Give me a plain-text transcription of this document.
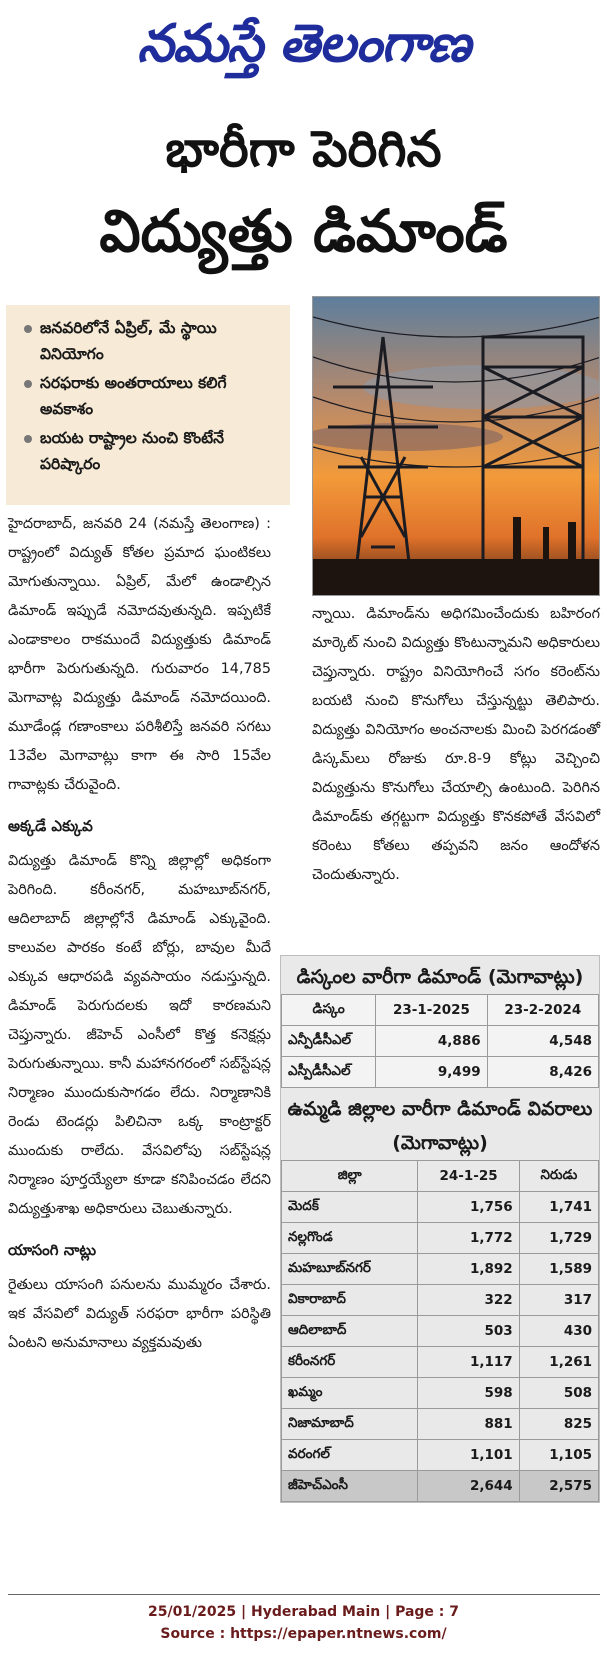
నమస్తే తెలంగాణ
భారీగా పెరిగిన
విద్యుత్తు డిమాండ్
జనవరిలోనే ఏప్రిల్, మే స్థాయి వినియోగం
సరఫరాకు అంతరాయాలు కలిగే అవకాశం
బయట రాష్ట్రాల నుంచి కొంటేనే పరిష్కారం

హైదరాబాద్, జనవరి 24 (నమస్తే తెలంగాణ) : రాష్ట్రంలో విద్యుత్ కోతల ప్రమాద ఘంటికలు మోగుతున్నాయి. ఏప్రిల్, మేలో ఉండాల్సిన డిమాండ్ ఇప్పుడే నమోదవుతున్నది. ఇప్పటికే ఎండాకాలం రాకముందే విద్యుత్తుకు డిమాండ్ భారీగా పెరుగుతున్నది. గురువారం 14,785 మెగావాట్ల విద్యుత్తు డిమాండ్ నమోదయింది. మూడేండ్ల గణాంకాలు పరిశీలిస్తే జనవరి సగటు 13వేల మెగావాట్లు కాగా ఈ సారి 15వేల గావాట్లకు చేరువైంది.

అక్కడే ఎక్కువ

విద్యుత్తు డిమాండ్ కొన్ని జిల్లాల్లో అధికంగా పెరిగింది. కరీంనగర్, మహబూబ్‌నగర్, ఆదిలాబాద్ జిల్లాల్లోనే డిమాండ్ ఎక్కువైంది. కాలువల పారకం కంటే బోర్లు, బావుల మీదే ఎక్కువ ఆధారపడి వ్యవసాయం నడుస్తున్నది. డిమాండ్ పెరుగుదలకు ఇదో కారణమని చెప్తున్నారు. జీహెచ్ ఎంసీలో కొత్త కనెక్షన్లు పెరుగుతున్నాయి. కానీ మహానగరంలో సబ్‌స్టేషన్ల నిర్మాణం ముందుకుసాగడం లేదు. నిర్మాణానికి రెండు టెండర్లు పిలిచినా ఒక్క కాంట్రాక్టర్ ముందుకు రాలేదు. వేసవిలోపు సబ్‌స్టేషన్ల నిర్మాణం పూర్తయ్యేలా కూడా కనిపించడం లేదని విద్యుత్తుశాఖ అధికారులు చెబుతున్నారు.

యాసంగి నాట్లు

రైతులు యాసంగి పనులను ముమ్మరం చేశారు. ఇక వేసవిలో విద్యుత్ సరఫరా భారీగా పరిస్థితి ఏంటని అనుమానాలు వ్యక్తమవుతు

న్నాయి. డిమాండ్‌ను అధిగమించేందుకు బహిరంగ మార్కెట్ నుంచి విద్యుత్తు కొంటున్నామని అధికారులు చెప్తున్నారు. రాష్ట్రం వినియోగించే సగం కరెంట్‌ను బయటి నుంచి కొనుగోలు చేస్తున్నట్టు తెలిపారు. విద్యుత్తు వినియోగం అంచనాలకు మించి పెరగడంతో డిస్కమ్‌లు రోజుకు రూ.8-9 కోట్లు వెచ్చించి విద్యుత్తును కొనుగోలు చేయాల్సి ఉంటుంది. పెరిగిన డిమాండ్‌కు తగ్గట్టుగా విద్యుత్తు కొనకపోతే వేసవిలో కరెంటు కోతలు తప్పవని జనం ఆందోళన చెందుతున్నారు.

డిస్కంల వారీగా డిమాండ్ (మెగావాట్లు)
డిస్కం	23-1-2025	23-2-2024
ఎన్పీడీసీఎల్	4,886	4,548
ఎస్పీడీసీఎల్	9,499	8,426
ఉమ్మడి జిల్లాల వారీగా డిమాండ్ వివరాలు (మెగావాట్లు)
జిల్లా	24-1-25	నిరుడు
మెదక్	1,756	1,741
నల్లగొండ	1,772	1,729
మహబూబ్‌నగర్	1,892	1,589
వికారాబాద్	322	317
ఆదిలాబాద్	503	430
కరీంనగర్	1,117	1,261
ఖమ్మం	598	508
నిజామాబాద్	881	825
వరంగల్	1,101	1,105
జీహెచ్ఎంసీ	2,644	2,575
25/01/2025 | Hyderabad Main | Page : 7
Source : https://epaper.ntnews.com/
